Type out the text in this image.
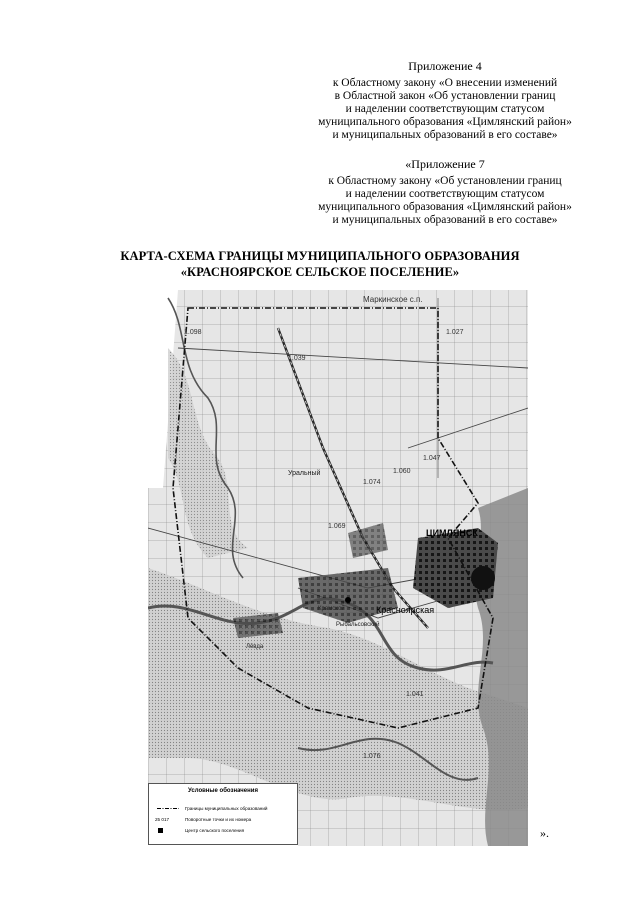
Приложение 4
к Областному закону «О внесении изменений
в Областной закон «Об установлении границ
и наделении соответствующим статусом
муниципального образования «Цимлянский район»
и муниципальных образований в его составе»
«Приложение 7
к Областному закону «Об установлении границ
и наделении соответствующим статусом
муниципального образования «Цимлянский район»
и муниципальных образований в его составе»
КАРТА-СХЕМА ГРАНИЦЫ МУНИЦИПАЛЬНОГО ОБРАЗОВАНИЯ
«КРАСНОЯРСКОЕ СЕЛЬСКОЕ ПОСЕЛЕНИЕ»
Маркинское с.п.
ЦИМЛЯНСК
Красноярская
Уральный
Крамской
Рыбальсовский
Лёвда
1.098
1.039
1.027
1.074
1.060
1.069
1.047
1.041
1.076
Условные обозначения
Границы муниципальных образований
25 017	Поворотные точки и их номера
Центр сельского поселения	».
